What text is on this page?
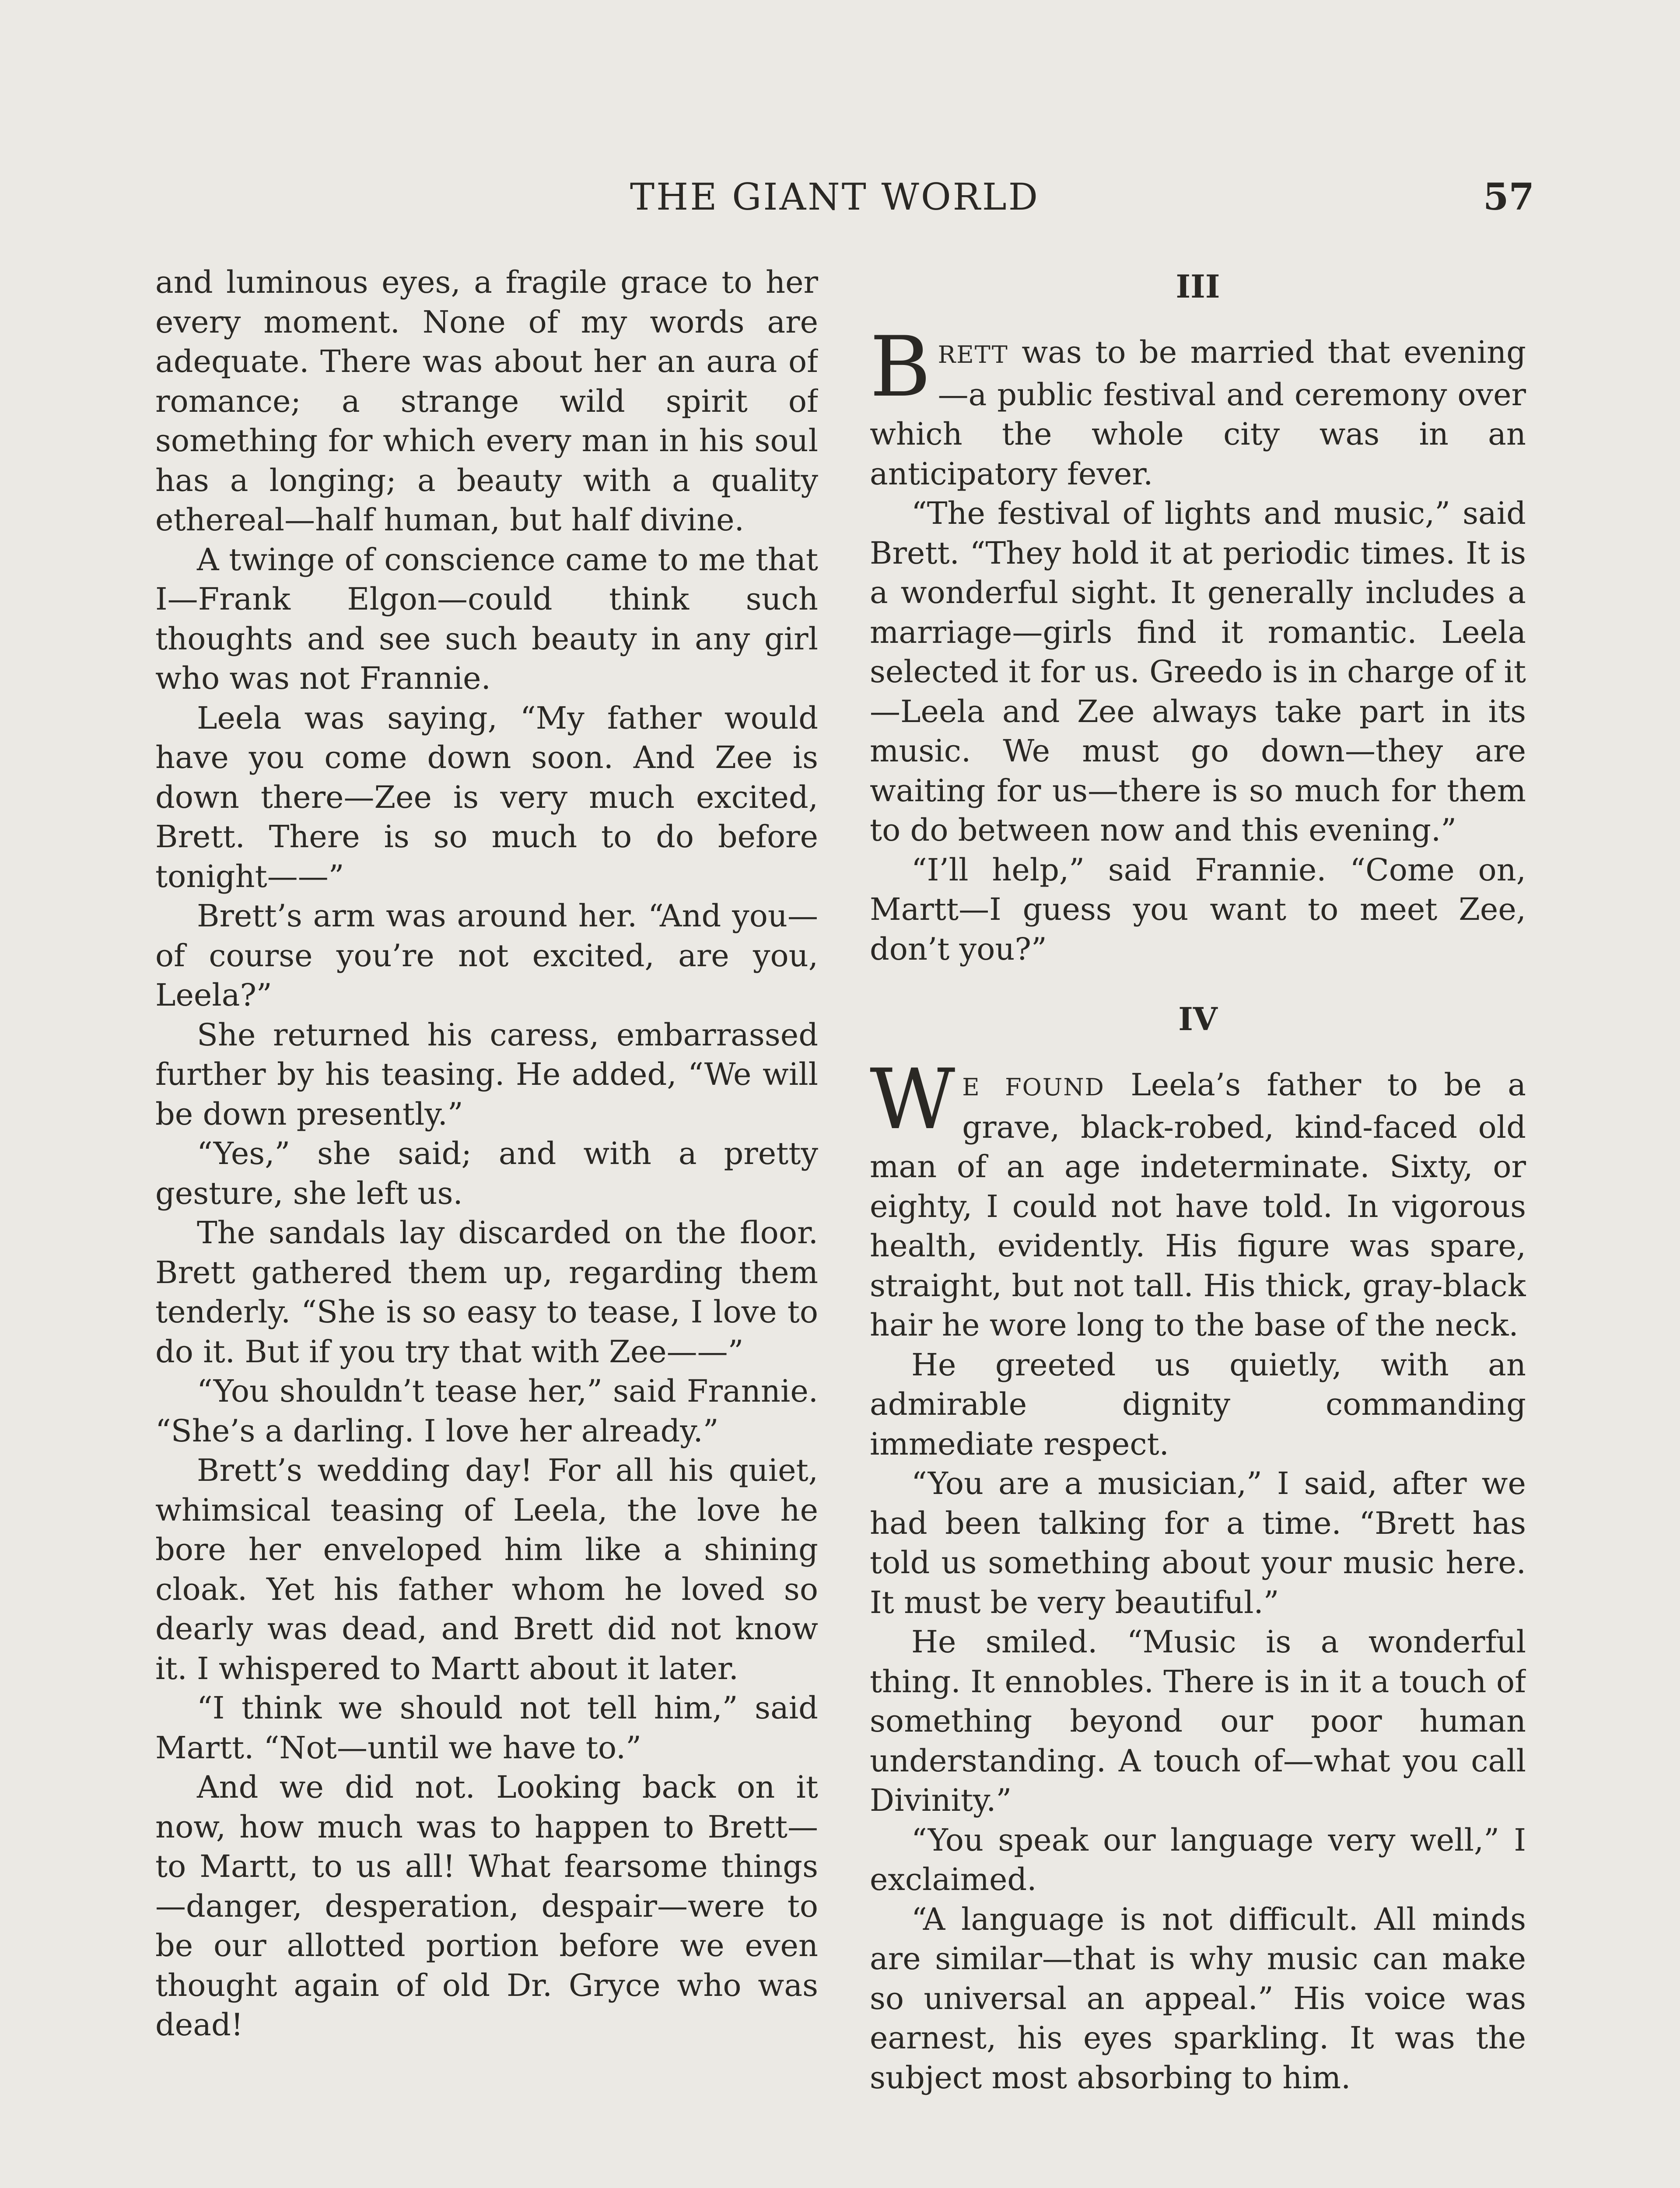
THE GIANT WORLD	57

and luminous eyes, a fragile grace to her every moment. None of my words are adequate. There was about her an aura of romance; a strange wild spirit of something for which every man in his soul has a longing; a beauty with a quality ethereal—half human, but half divine.

A twinge of conscience came to me that I—Frank Elgon—could think such thoughts and see such beauty in any girl who was not Frannie.

Leela was saying, “My father would have you come down soon. And Zee is down there—Zee is very much excited, Brett. There is so much to do before tonight——”

Brett’s arm was around her. “And you—of course you’re not excited, are you, Leela?”

She returned his caress, embarrassed further by his teasing. He added, “We will be down presently.”

“Yes,” she said; and with a pretty gesture, she left us.

The sandals lay discarded on the floor. Brett gathered them up, regarding them tenderly. “She is so easy to tease, I love to do it. But if you try that with Zee——”

“You shouldn’t tease her,” said Frannie. “She’s a darling. I love her already.”

Brett’s wedding day! For all his quiet, whimsical teasing of Leela, the love he bore her enveloped him like a shining cloak. Yet his father whom he loved so dearly was dead, and Brett did not know it. I whispered to Martt about it later.

“I think we should not tell him,” said Martt. “Not—until we have to.”

And we did not. Looking back on it now, how much was to happen to Brett—to Martt, to us all! What fearsome things—danger, desperation, despair—were to be our allotted portion before we even thought again of old Dr. Gryce who was dead!

III

BRETT was to be married that evening—a public festival and ceremony over which the whole city was in an anticipatory fever.

“The festival of lights and music,” said Brett. “They hold it at periodic times. It is a wonderful sight. It generally includes a marriage—girls find it romantic. Leela selected it for us. Greedo is in charge of it—Leela and Zee always take part in its music. We must go down—they are waiting for us—there is so much for them to do between now and this evening.”

“I’ll help,” said Frannie. “Come on, Martt—I guess you want to meet Zee, don’t you?”

IV

W E FOUND Leela’s father to be a grave, black-robed, kind-faced old man of an age indeterminate. Sixty, or eighty, I could not have told. In vigorous health, evidently. His figure was spare, straight, but not tall. His thick, gray-black hair he wore long to the base of the neck.

He greeted us quietly, with an admirable dignity commanding immediate respect.

“You are a musician,” I said, after we had been talking for a time. “Brett has told us something about your music here. It must be very beautiful.”

He smiled. “Music is a wonderful thing. It ennobles. There is in it a touch of something beyond our poor human understanding. A touch of—what you call Divinity.”

“You speak our language very well,” I exclaimed.

“A language is not difficult. All minds are similar—that is why music can make so universal an appeal.” His voice was earnest, his eyes sparkling. It was the subject most absorbing to him.
